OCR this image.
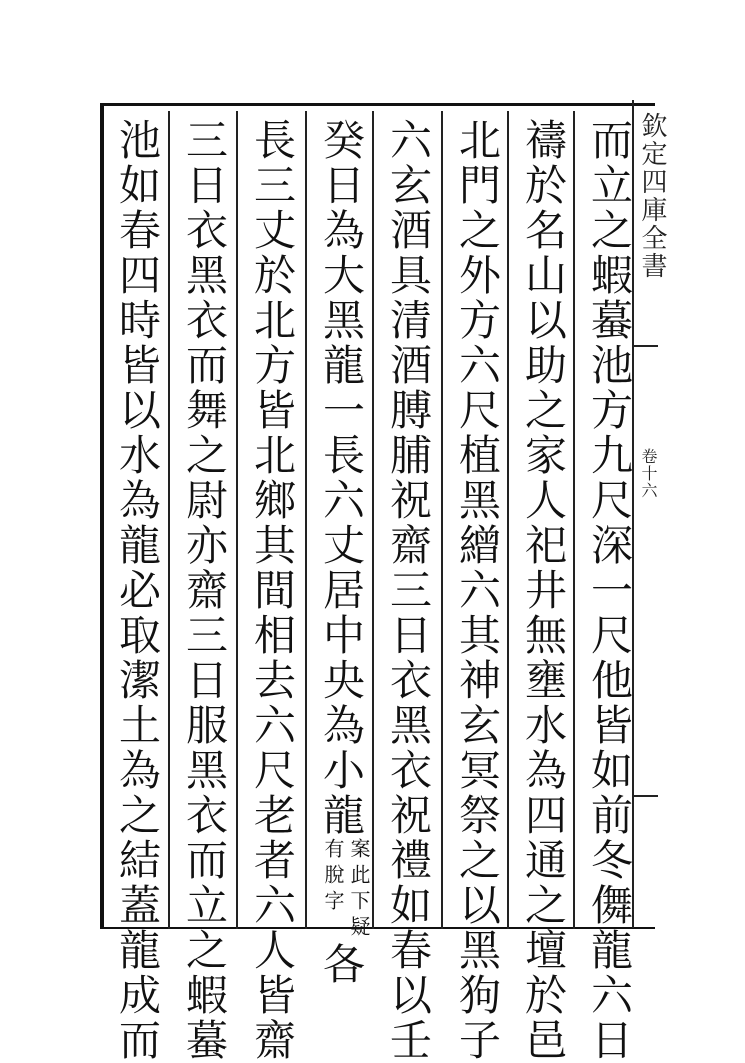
欽定四庫全書
卷十六
而立之蝦蟇池方九尺深一尺他皆如前冬儛龍六日
禱於名山以助之家人祀井無壅水為四通之壇於邑
北門之外方六尺植黑繒六其神玄冥祭之以黑狗子
六玄酒具清酒膊脯祝齋三日衣黑衣祝禮如春以壬
癸日為大黑龍一長六丈居中央為小龍
案此下疑
有脫字
各
長三丈於北方皆北鄉其間相去六尺老者六人皆齋
三日衣黑衣而舞之尉亦齋三日服黑衣而立之蝦蟇
池如春四時皆以水為龍必取潔土為之結蓋龍成而
